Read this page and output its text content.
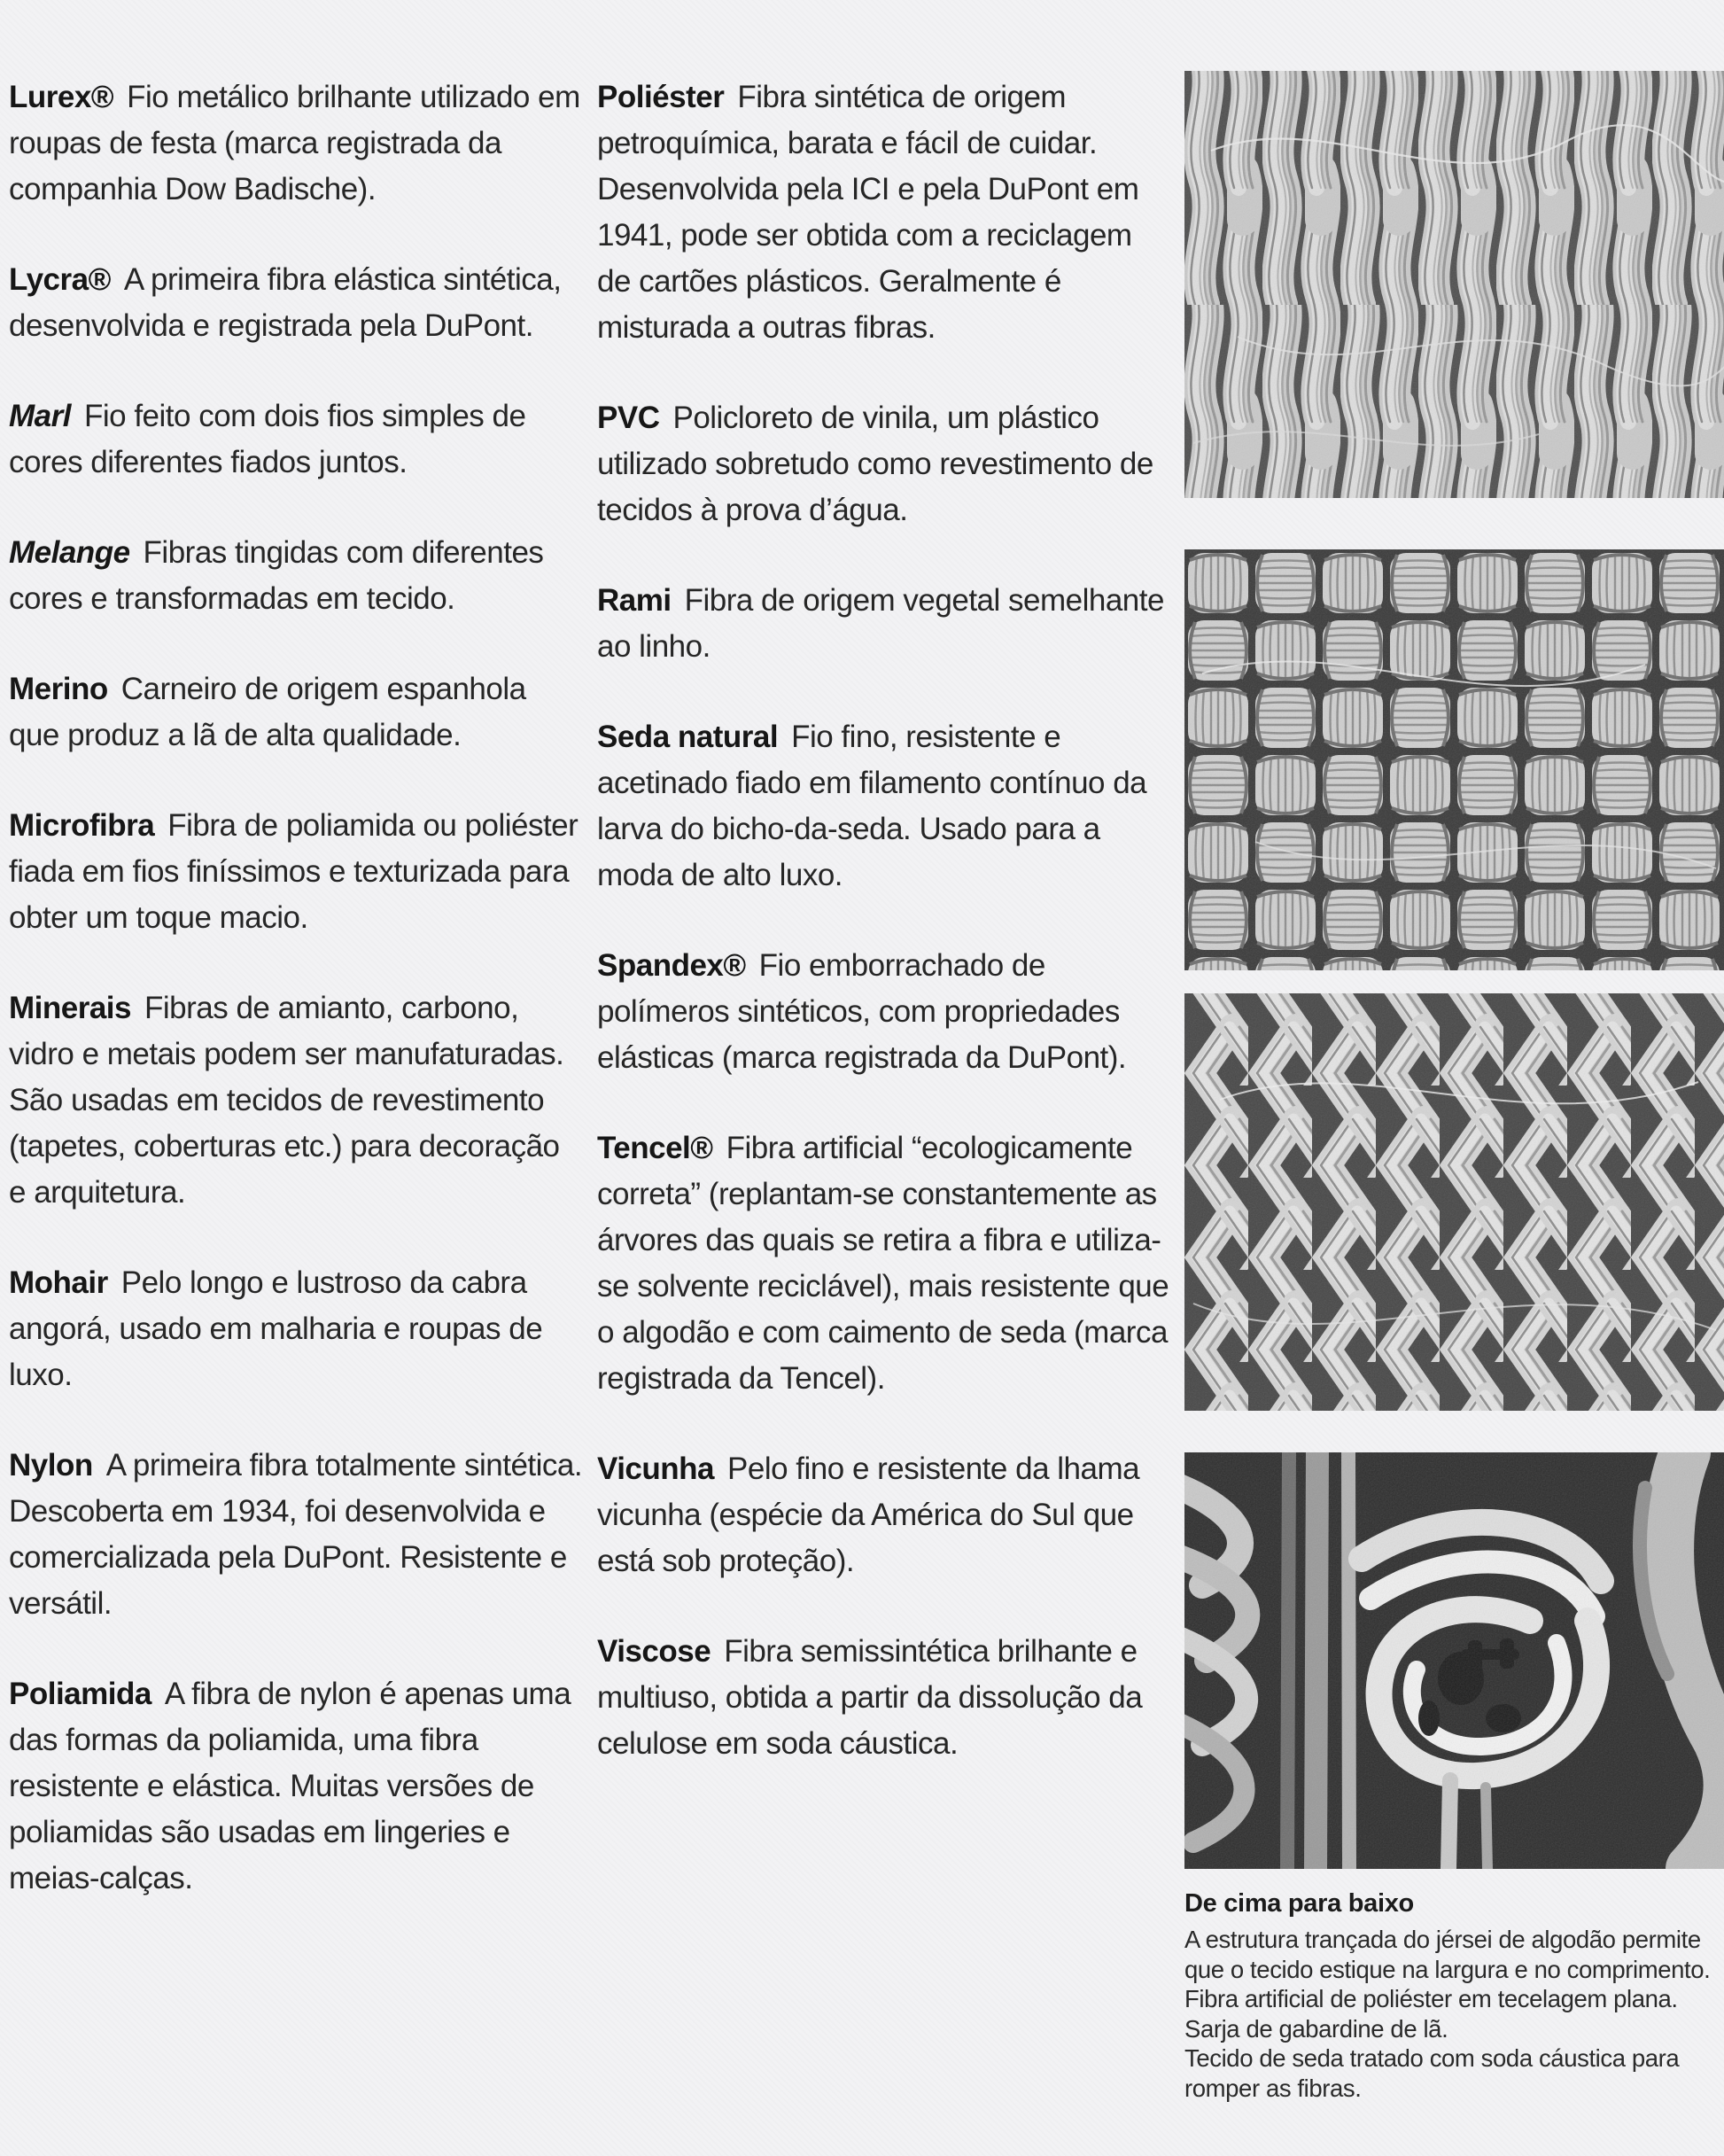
Lurex® Fio metálico brilhante utilizado em roupas de festa (marca registrada da companhia Dow Badische).

Lycra® A primeira fibra elástica sintética, desenvolvida e registrada pela DuPont.

Marl Fio feito com dois fios simples de cores diferentes fiados juntos.

Melange Fibras tingidas com diferentes cores e transformadas em tecido.

Merino Carneiro de origem espanhola que produz a lã de alta qualidade.

Microfibra Fibra de poliamida ou poliéster fiada em fios finíssimos e texturizada para obter um toque macio.

Minerais Fibras de amianto, carbono, vidro e metais podem ser manufaturadas. São usadas em tecidos de revestimento (tapetes, coberturas etc.) para decoração e arquitetura.

Mohair Pelo longo e lustroso da cabra angorá, usado em malharia e roupas de luxo.

Nylon A primeira fibra totalmente sintética. Descoberta em 1934, foi desenvolvida e comercializada pela DuPont. Resistente e versátil.

Poliamida A fibra de nylon é apenas uma das formas da poliamida, uma fibra resistente e elástica. Muitas versões de poliamidas são usadas em lingeries e meias-calças.

Poliéster Fibra sintética de origem petroquímica, barata e fácil de cuidar. Desenvolvida pela ICI e pela DuPont em 1941, pode ser obtida com a reciclagem de cartões plásticos. Geralmente é misturada a outras fibras.

PVC Policloreto de vinila, um plástico utilizado sobretudo como revestimento de tecidos à prova d’água.

Rami Fibra de origem vegetal semelhante ao linho.

Seda natural Fio fino, resistente e acetinado fiado em filamento contínuo da larva do bicho-da-seda. Usado para a moda de alto luxo.

Spandex® Fio emborrachado de polímeros sintéticos, com propriedades elásticas (marca registrada da DuPont).

Tencel® Fibra artificial “ecologicamente correta” (replantam-se constantemente as árvores das quais se retira a fibra e utiliza-se solvente reciclável), mais resistente que o algodão e com caimento de seda (marca registrada da Tencel).

Vicunha Pelo fino e resistente da lhama vicunha (espécie da América do Sul que está sob proteção).

Viscose Fibra semissintética brilhante e multiuso, obtida a partir da dissolução da celulose em soda cáustica.

De cima para baixo

A estrutura trançada do jérsei de algodão permite que o tecido estique na largura e no comprimento.

Fibra artificial de poliéster em tecelagem plana.

Sarja de gabardine de lã.

Tecido de seda tratado com soda cáustica para romper as fibras.
